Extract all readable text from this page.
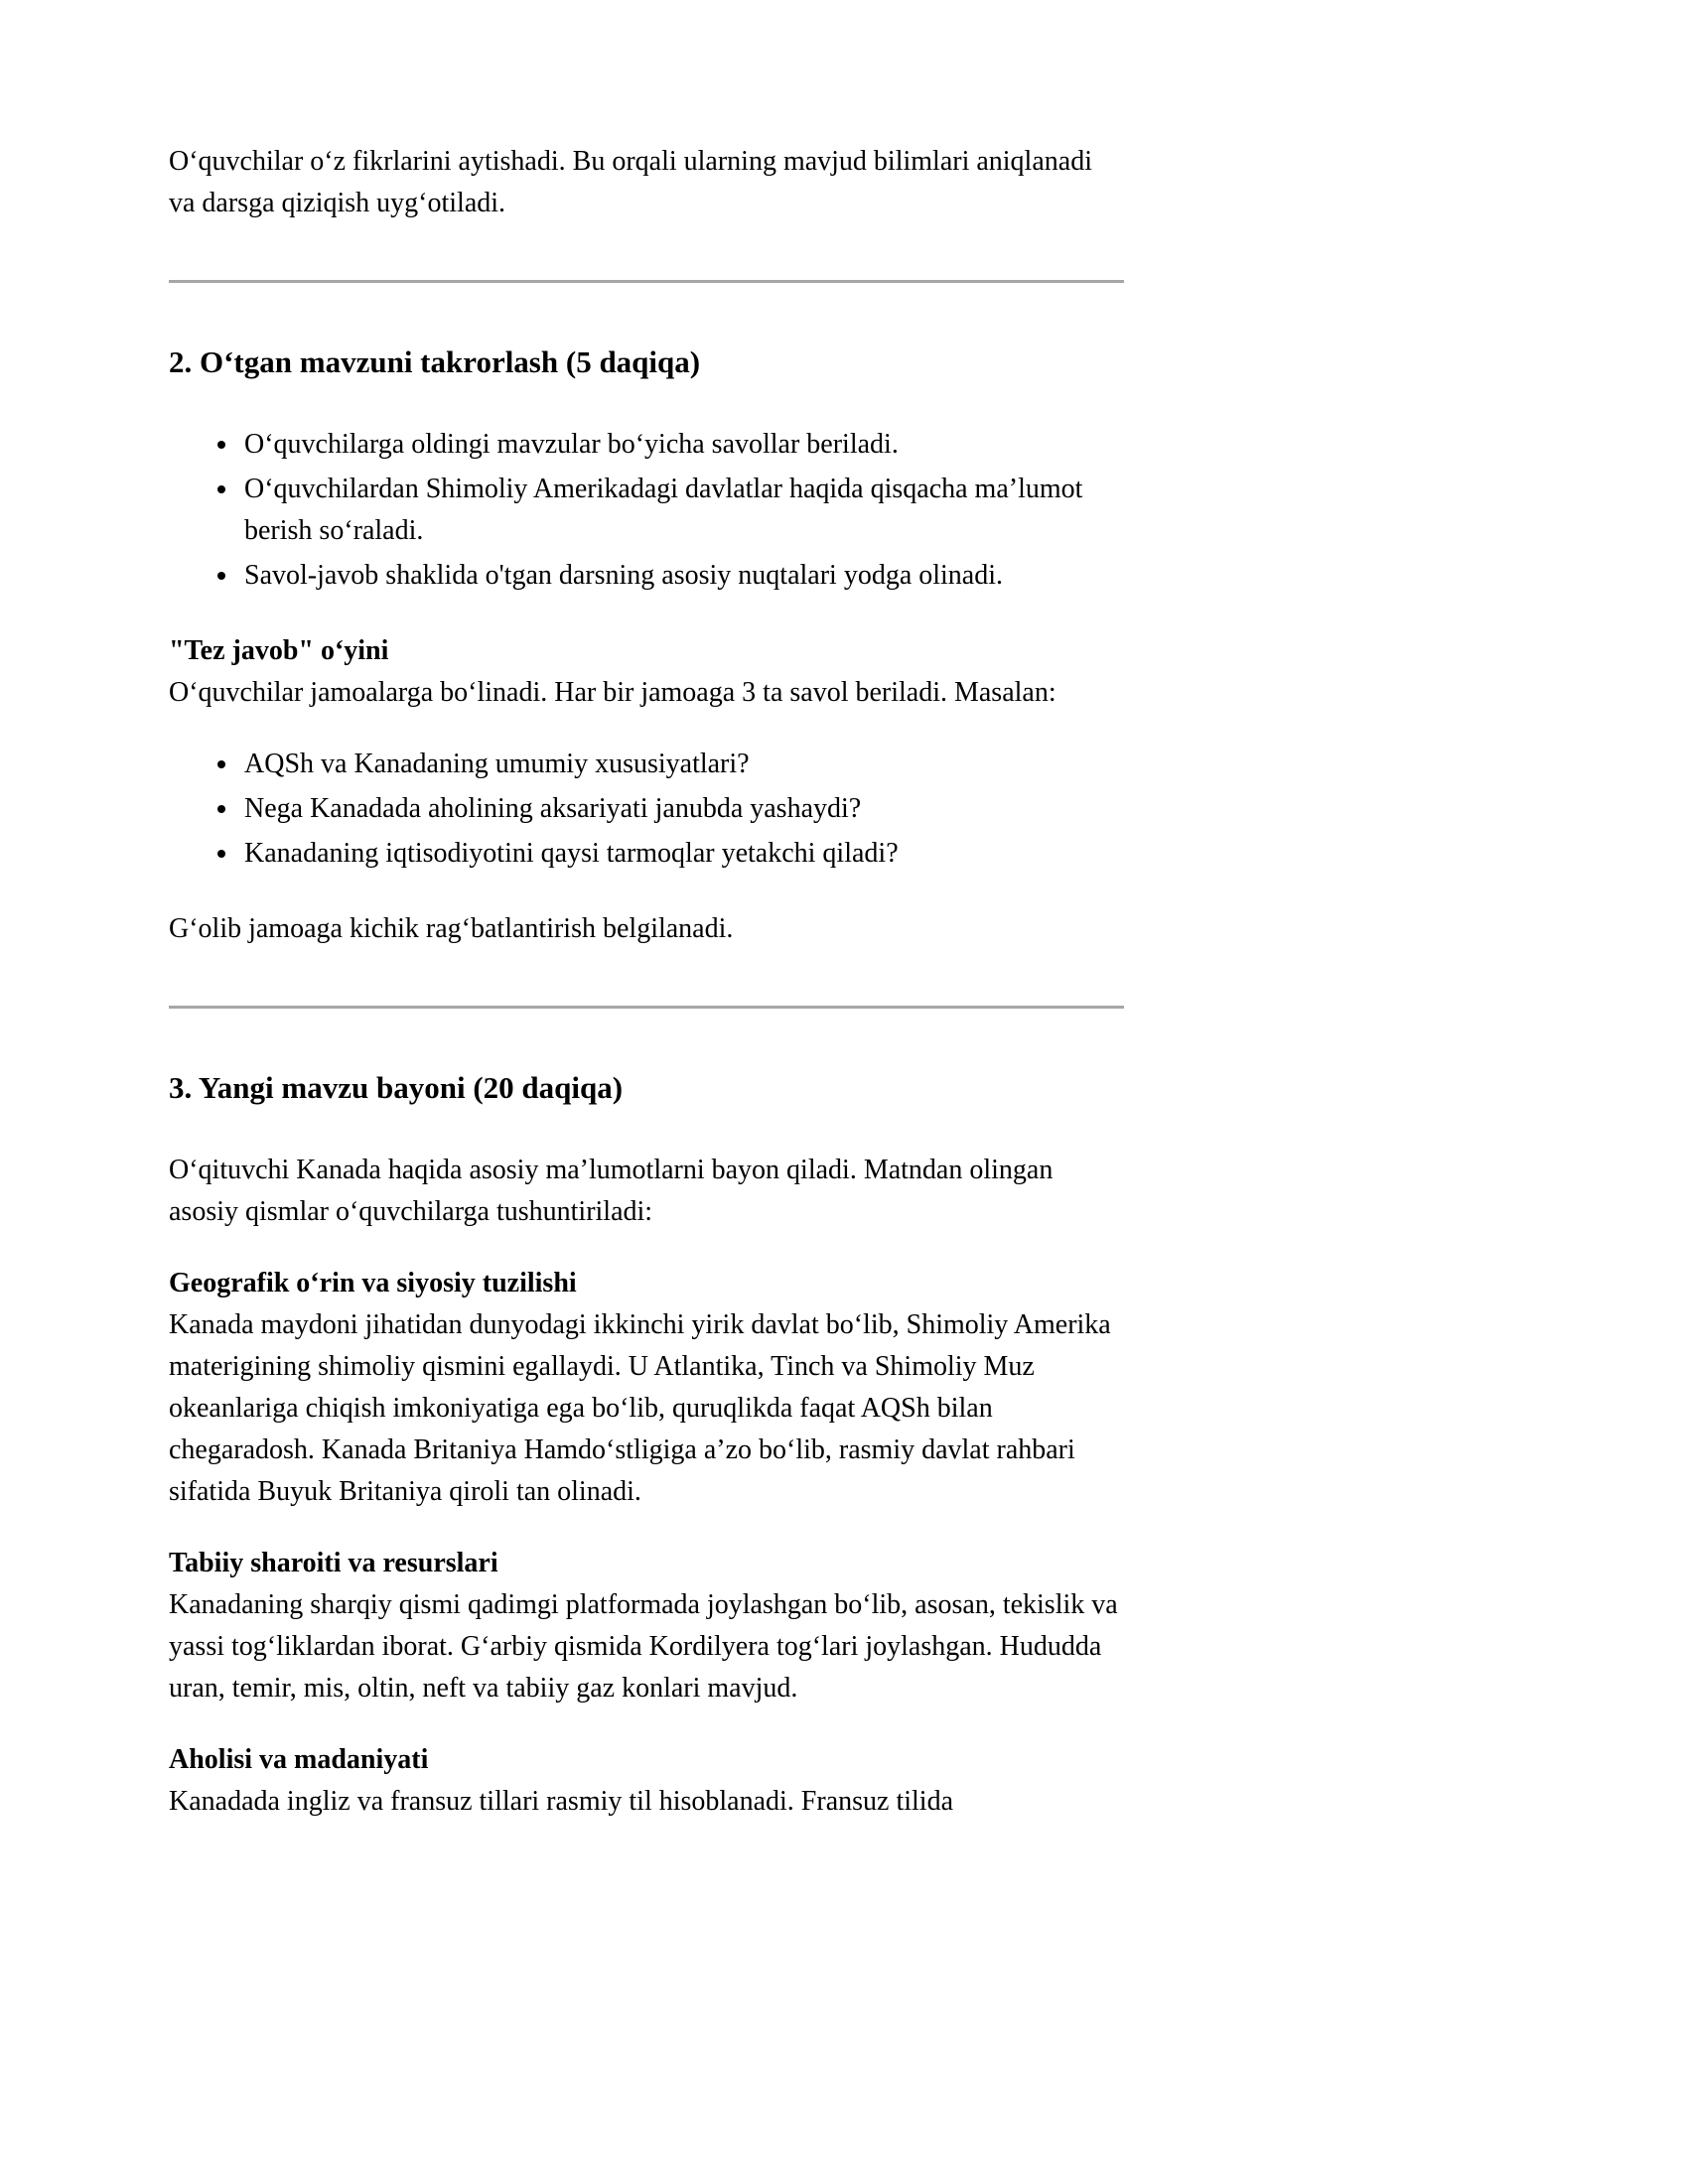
O‘quvchilar o‘z fikrlarini aytishadi. Bu orqali ularning mavjud bilimlari aniqlanadi va darsga qiziqish uyg‘otiladi.

2. O‘tgan mavzuni takrorlash (5 daqiqa)
• O‘quvchilarga oldingi mavzular bo‘yicha savollar beriladi.
• O‘quvchilardan Shimoliy Amerikadagi davlatlar haqida qisqacha ma’lumot berish so‘raladi.
• Savol-javob shaklida o'tgan darsning asosiy nuqtalari yodga olinadi.

"Tez javob" o‘yini
O‘quvchilar jamoalarga bo‘linadi. Har bir jamoaga 3 ta savol beriladi. Masalan:

• AQSh va Kanadaning umumiy xususiyatlari?
• Nega Kanadada aholining aksariyati janubda yashaydi?
• Kanadaning iqtisodiyotini qaysi tarmoqlar yetakchi qiladi?

G‘olib jamoaga kichik rag‘batlantirish belgilanadi.

3. Yangi mavzu bayoni (20 daqiqa)

O‘qituvchi Kanada haqida asosiy ma’lumotlarni bayon qiladi. Matndan olingan asosiy qismlar o‘quvchilarga tushuntiriladi:

Geografik o‘rin va siyosiy tuzilishi
Kanada maydoni jihatidan dunyodagi ikkinchi yirik davlat bo‘lib, Shimoliy Amerika materigining shimoliy qismini egallaydi. U Atlantika, Tinch va Shimoliy Muz okeanlariga chiqish imkoniyatiga ega bo‘lib, quruqlikda faqat AQSh bilan chegaradosh. Kanada Britaniya Hamdo‘stligiga a’zo bo‘lib, rasmiy davlat rahbari sifatida Buyuk Britaniya qiroli tan olinadi.

Tabiiy sharoiti va resurslari
Kanadaning sharqiy qismi qadimgi platformada joylashgan bo‘lib, asosan, tekislik va yassi tog‘liklardan iborat. G‘arbiy qismida Kordilyera tog‘lari joylashgan. Hududda uran, temir, mis, oltin, neft va tabiiy gaz konlari mavjud.

Aholisi va madaniyati
Kanadada ingliz va fransuz tillari rasmiy til hisoblanadi. Fransuz tilida
